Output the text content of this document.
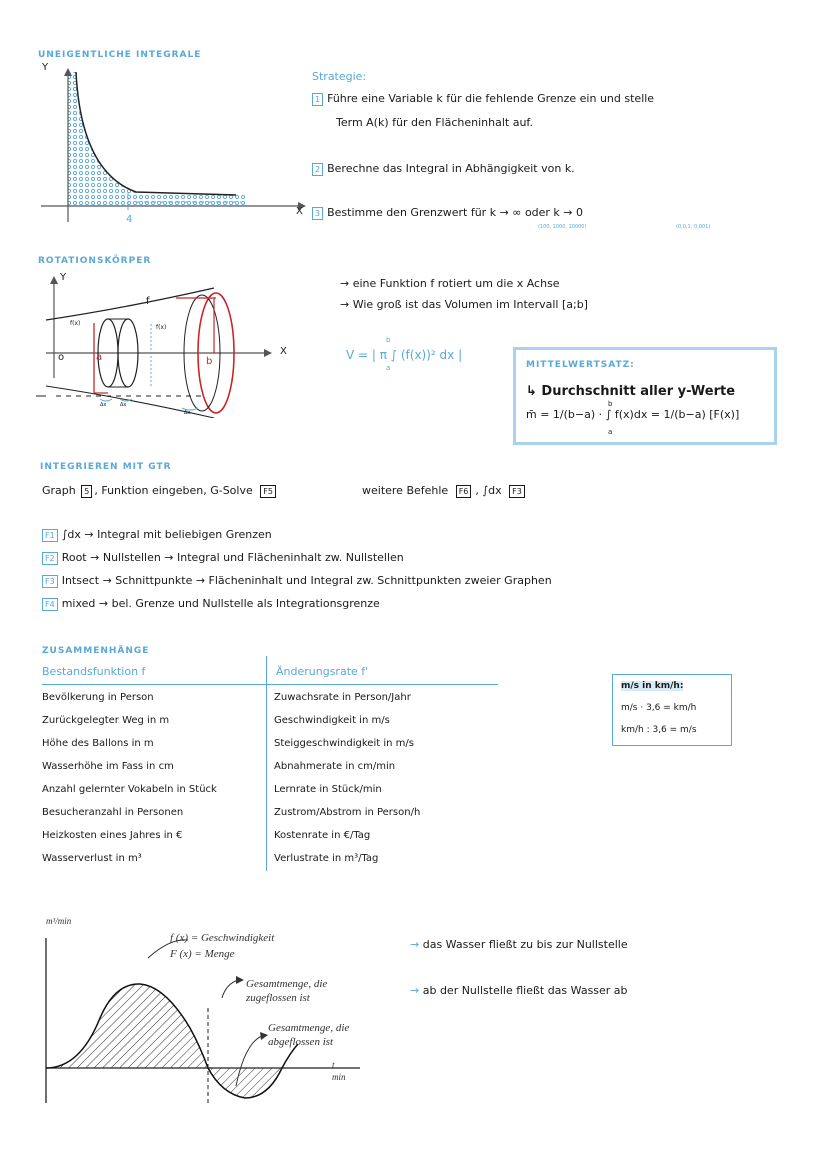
UNEIGENTLICHE INTEGRALE
Y
X
4
Strategie:
1 Führe eine Variable k für die fehlende Grenze ein und stelle
Term A(k) für den Flächeninhalt auf.
2 Berechne das Integral in Abhängigkeit von k.
3 Bestimme den Grenzwert für k → ∞ oder k → 0
(100, 1000, 10000)	(0,0,1; 0,001)
ROTATIONSKÖRPER
Y
X
f
f(x)
f(x)
a	b
o
Δx	Δx
Δx
→ eine Funktion f rotiert um die x Achse
→ Wie groß ist das Volumen im Intervall [a;b]
V = | π ∫ (f(x))² dx |
b
a	MITTELWERTSATZ:
↳ Durchschnitt aller y-Werte
m̄ = 1/(b−a) · ∫ f(x)dx = 1/(b−a) [F(x)]
b
a
INTEGRIEREN MIT GTR
Graph 5 , Funktion eingeben, G-Solve F5	weitere Befehle F6 , ∫dx F3
F1 ∫dx → Integral mit beliebigen Grenzen
F2 Root → Nullstellen → Integral und Flächeninhalt zw. Nullstellen
F3 Intsect → Schnittpunkte → Flächeninhalt und Integral zw. Schnittpunkten zweier Graphen
F4 mixed → bel. Grenze und Nullstelle als Integrationsgrenze
ZUSAMMENHÄNGE
Bestandsfunktion f	Änderungsrate f'
Bevölkerung in Person	Zuwachsrate in Person/Jahr
Zurückgelegter Weg in m	Geschwindigkeit in m/s
Höhe des Ballons in m	Steiggeschwindigkeit in m/s
Wasserhöhe im Fass in cm	Abnahmerate in cm/min
Anzahl gelernter Vokabeln in Stück	Lernrate in Stück/min
Besucheranzahl in Personen	Zustrom/Abstrom in Person/h
Heizkosten eines Jahres in €	Kostenrate in €/Tag
Wasserverlust in m³	Verlustrate in m³/Tag
m/s in km/h:
m/s · 3,6 = km/h
km/h : 3,6 = m/s
m³/min
t
min
f (x) = Geschwindigkeit
F (x) = Menge
Gesamtmenge, die
zugeflossen ist
Gesamtmenge, die
abgeflossen ist
→ das Wasser fließt zu bis zur Nullstelle
→ ab der Nullstelle fließt das Wasser ab
